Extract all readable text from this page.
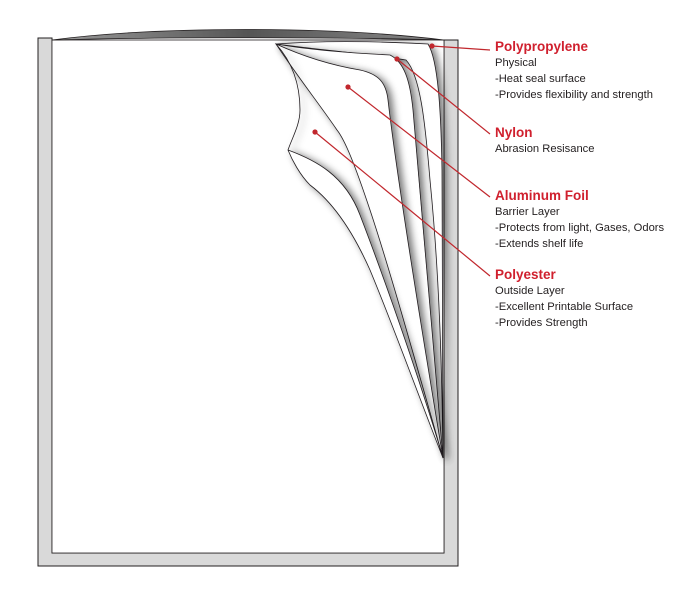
Polypropylene
Physical
-Heat seal surface
-Provides flexibility and strength
Nylon
Abrasion Resisance
Aluminum Foil
Barrier Layer
-Protects from light, Gases, Odors
-Extends shelf life
Polyester
Outside Layer
-Excellent Printable Surface
-Provides Strength
